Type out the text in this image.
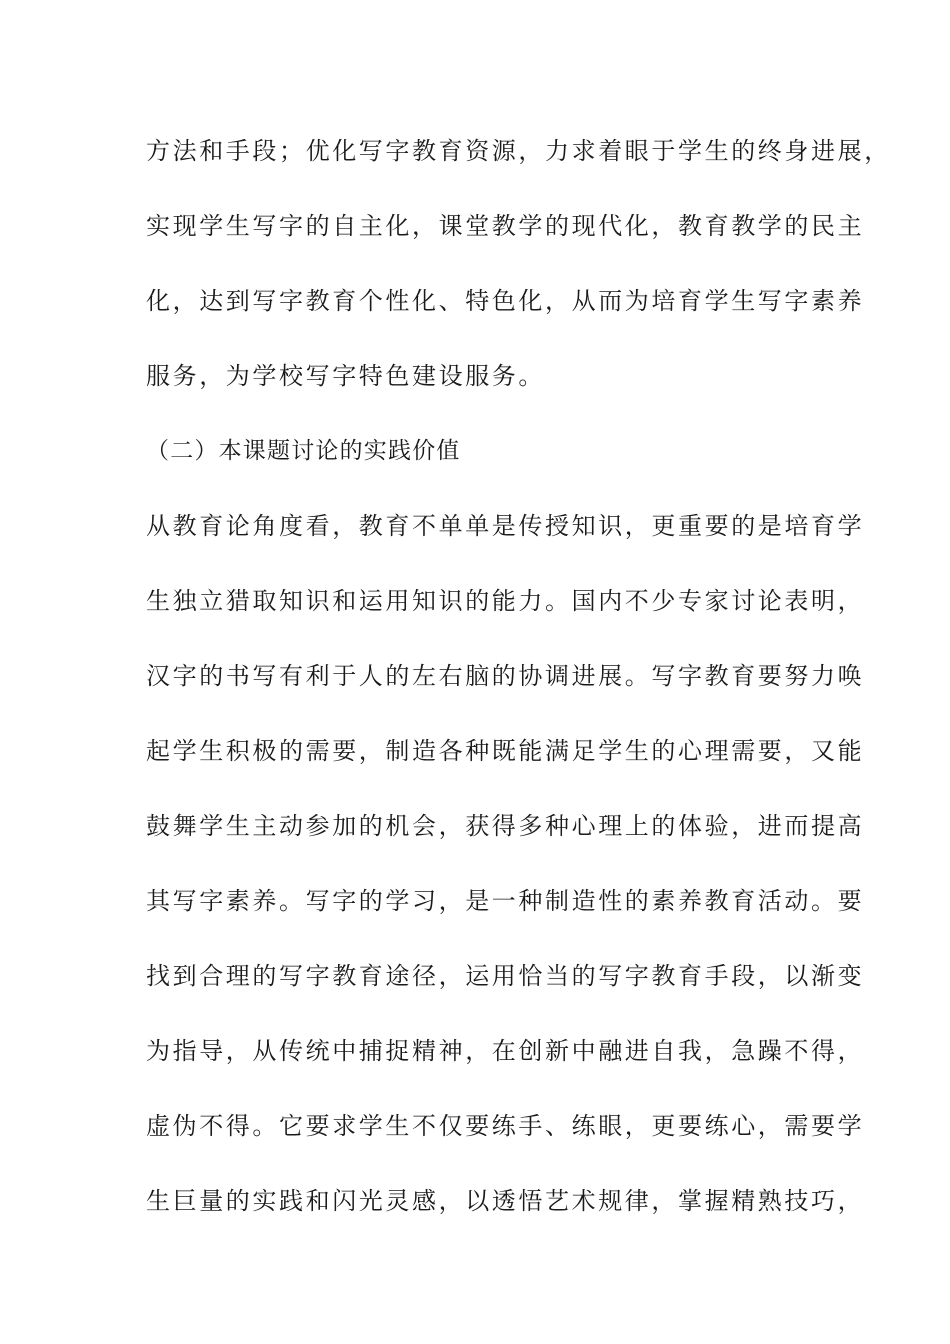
方法和手段；优化写字教育资源，力求着眼于学生的终身进展，
实现学生写字的自主化，课堂教学的现代化，教育教学的民主
化，达到写字教育个性化、特色化，从而为培育学生写字素养
服务，为学校写字特色建设服务。
（二）本课题讨论的实践价值
从教育论角度看，教育不单单是传授知识，更重要的是培育学
生独立猎取知识和运用知识的能力。国内不少专家讨论表明，
汉字的书写有利于人的左右脑的协调进展。写字教育要努力唤
起学生积极的需要，制造各种既能满足学生的心理需要，又能
鼓舞学生主动参加的机会，获得多种心理上的体验，进而提高
其写字素养。写字的学习，是一种制造性的素养教育活动。要
找到合理的写字教育途径，运用恰当的写字教育手段，以渐变
为指导，从传统中捕捉精神，在创新中融进自我，急躁不得，
虚伪不得。它要求学生不仅要练手、练眼，更要练心，需要学
生巨量的实践和闪光灵感，以透悟艺术规律，掌握精熟技巧，
